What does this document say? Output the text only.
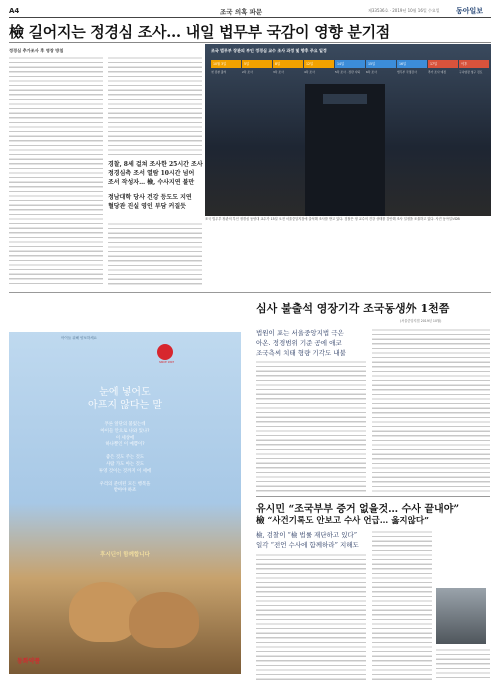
A4	조국 의혹 파문	제33536호 · 2019년 10월 16일 수요일 동아일보
檢 길어지는 정경심 조사… 내일 법무부 국감이 영향 분기점
정경심 추가조사 후 영장 방침
경찰, 8세 걸쳐 조사한 25시간 조사
정경심측 조서 열람 10시간 넘어
조서 작성자… 檢, 수사지연 불만
정남대학 당사 건강 등도도 지연
혈당관 진실 영인 부담 커질듯
조국 법무부 장관의 부인 정경심 교수 조사 과정 및 향후 주요 일정
10월 3일
첫 검찰 출석
5일
2차 조사
8일
3차 조사
12일
4차 조사
14일
5차 조사 · 장관 사퇴
15일
6차 조사
16일
법무부 국정감사
17일
추가 조사 예정
이후
구속영장 청구 검토
조국 법무부 장관의 부인 정경심 동양대 교수가 15일 오전 서울중앙지검에 출석해 조사를 받고 있다. 검찰은 정 교수의 건강 상태를 감안해 조사 일정을 조율하고 있다. 사진 동아일보DB
아이들 위해 양보하세요
SINCE 1897
눈에 넣어도
아프지 않다는 말
푸른 앞단의 불렀는데
아이들 안으로 나와 있나?
이 세상에
하나뿐인 이 예쁨이?
좋은 것도 주는 것도
사람 가도 아는 것도
투영 것이는 것까지 이 세에
우리의 준비된 모든 행복을
받아야 하죠
후시딘이 함께합니다
동화약품
심사 불출석 영장기각 조국동생外 1천쯤
(서울중앙지법 2019년 10월)
법원이 포는 서울중앙지법 극은
아온. 정경범위 기준 공에 애코
조국측씨 치태 형량 기각도 내불
유시민 “조국부부 증거 없을것… 수사 끝내야”
檢 “사건기록도 안보고 수사 언급… 옳지않다”
檢, 검찰이 “檢 법률 재단하고 있다”
일각 “전언 수사에 함께하라” 지해도
